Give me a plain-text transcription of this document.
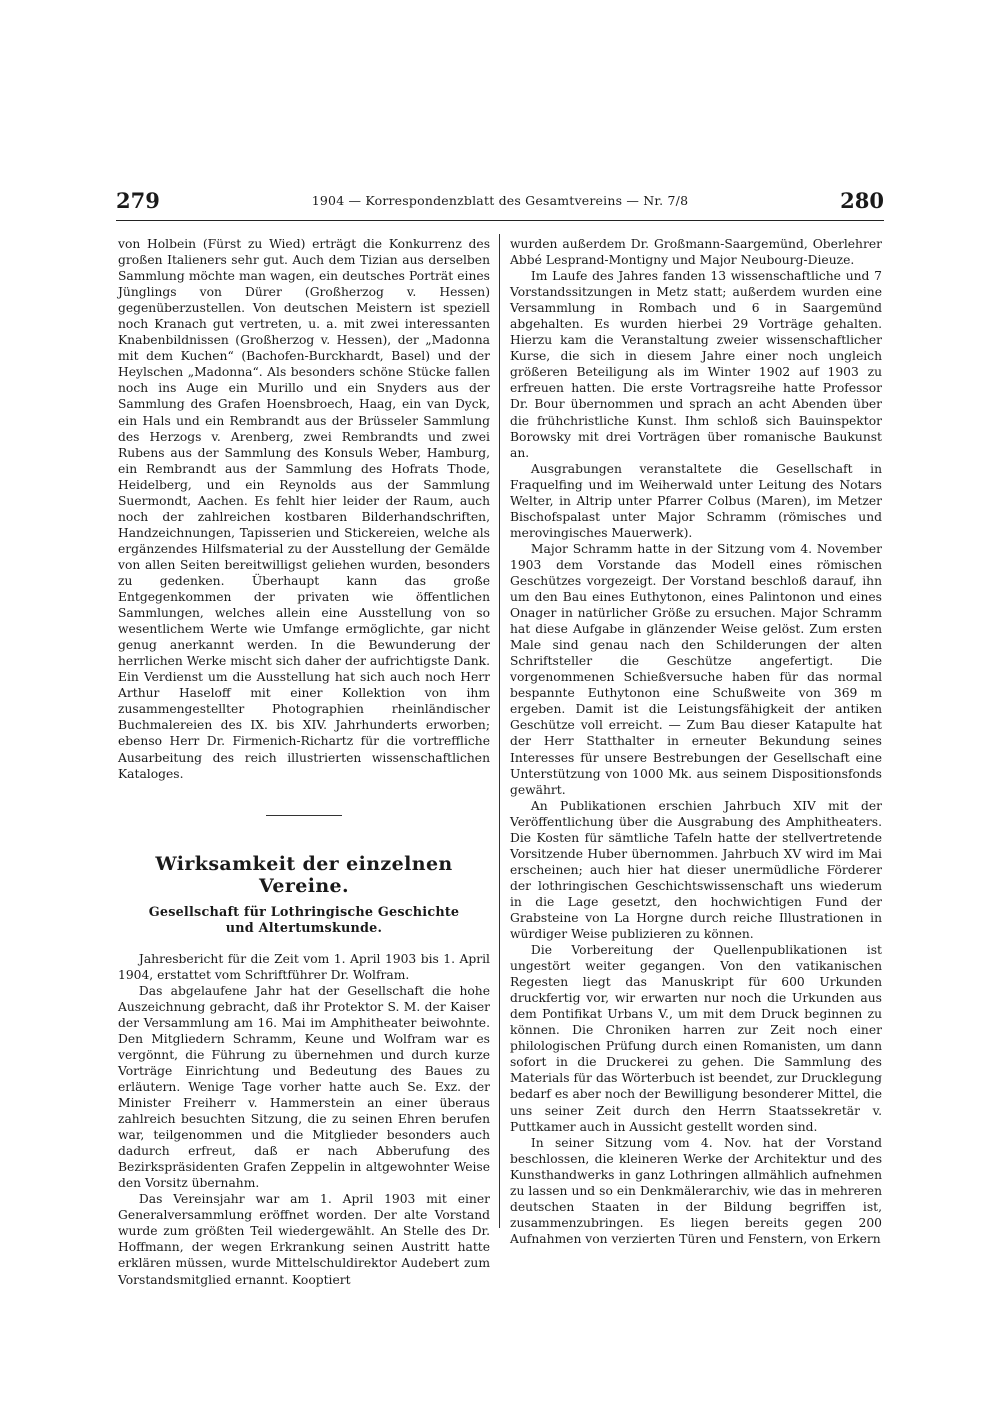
279	1904 — Korrespondenzblatt des Gesamtvereins — Nr. 7/8	280

von Holbein (Fürst zu Wied) erträgt die Konkurrenz des großen Italieners sehr gut. Auch dem Tizian aus derselben Sammlung möchte man wagen, ein deutsches Porträt eines Jünglings von Dürer (Großherzog v. Hessen) gegenüberzustellen. Von deutschen Meistern ist speziell noch Kranach gut vertreten, u. a. mit zwei interessanten Knabenbildnissen (Großherzog v. Hessen), der „Madonna mit dem Kuchen“ (Bachofen-Burckhardt, Basel) und der Heylschen „Madonna“. Als besonders schöne Stücke fallen noch ins Auge ein Murillo und ein Snyders aus der Sammlung des Grafen Hoensbroech, Haag, ein van Dyck, ein Hals und ein Rembrandt aus der Brüsseler Sammlung des Herzogs v. Arenberg, zwei Rembrandts und zwei Rubens aus der Sammlung des Konsuls Weber, Hamburg, ein Rembrandt aus der Sammlung des Hofrats Thode, Heidelberg, und ein Reynolds aus der Sammlung Suermondt, Aachen. Es fehlt hier leider der Raum, auch noch der zahlreichen kostbaren Bilderhandschriften, Handzeichnungen, Tapisserien und Stickereien, welche als ergänzendes Hilfsmaterial zu der Ausstellung der Gemälde von allen Seiten bereitwilligst geliehen wurden, besonders zu gedenken. Überhaupt kann das große Entgegenkommen der privaten wie öffentlichen Sammlungen, welches allein eine Ausstellung von so wesentlichem Werte wie Umfange ermöglichte, gar nicht genug anerkannt werden. In die Bewunderung der herrlichen Werke mischt sich daher der aufrichtigste Dank. Ein Verdienst um die Ausstellung hat sich auch noch Herr Arthur Haseloff mit einer Kollektion von ihm zusammengestellter Photographien rheinländischer Buchmalereien des IX. bis XIV. Jahrhunderts erworben; ebenso Herr Dr. Firmenich-Richartz für die vortreffliche Ausarbeitung des reich illustrierten wissenschaftlichen Kataloges.

Wirksamkeit der einzelnen Vereine.
Gesellschaft für Lothringische Geschichte
und Altertumskunde.

Jahresbericht für die Zeit vom 1. April 1903 bis 1. April 1904, erstattet vom Schriftführer Dr. Wolfram.

Das abgelaufene Jahr hat der Gesellschaft die hohe Auszeichnung gebracht, daß ihr Protektor S. M. der Kaiser der Versammlung am 16. Mai im Amphitheater beiwohnte. Den Mitgliedern Schramm, Keune und Wolfram war es vergönnt, die Führung zu übernehmen und durch kurze Vorträge Einrichtung und Bedeutung des Baues zu erläutern. Wenige Tage vorher hatte auch Se. Exz. der Minister Freiherr v. Hammerstein an einer überaus zahlreich besuchten Sitzung, die zu seinen Ehren berufen war, teilgenommen und die Mitglieder besonders auch dadurch erfreut, daß er nach Abberufung des Bezirkspräsidenten Grafen Zeppelin in altgewohnter Weise den Vorsitz übernahm.

Das Vereinsjahr war am 1. April 1903 mit einer Generalversammlung eröffnet worden. Der alte Vorstand wurde zum größten Teil wiedergewählt. An Stelle des Dr. Hoffmann, der wegen Erkrankung seinen Austritt hatte erklären müssen, wurde Mittelschuldirektor Audebert zum Vorstandsmitglied ernannt. Kooptiert

wurden außerdem Dr. Großmann-Saargemünd, Oberlehrer Abbé Lesprand-Montigny und Major Neubourg-Dieuze.

Im Laufe des Jahres fanden 13 wissenschaftliche und 7 Vorstandssitzungen in Metz statt; außerdem wurden eine Versammlung in Rombach und 6 in Saargemünd abgehalten. Es wurden hierbei 29 Vorträge gehalten. Hierzu kam die Veranstaltung zweier wissenschaftlicher Kurse, die sich in diesem Jahre einer noch ungleich größeren Beteiligung als im Winter 1902 auf 1903 zu erfreuen hatten. Die erste Vortragsreihe hatte Professor Dr. Bour übernommen und sprach an acht Abenden über die frühchristliche Kunst. Ihm schloß sich Bauinspektor Borowsky mit drei Vorträgen über romanische Baukunst an.

Ausgrabungen veranstaltete die Gesellschaft in Fraquelfing und im Weiherwald unter Leitung des Notars Welter, in Altrip unter Pfarrer Colbus (Maren), im Metzer Bischofspalast unter Major Schramm (römisches und merovingisches Mauerwerk).

Major Schramm hatte in der Sitzung vom 4. November 1903 dem Vorstande das Modell eines römischen Geschützes vorgezeigt. Der Vorstand beschloß darauf, ihn um den Bau eines Euthytonon, eines Palintonon und eines Onager in natürlicher Größe zu ersuchen. Major Schramm hat diese Aufgabe in glänzender Weise gelöst. Zum ersten Male sind genau nach den Schilderungen der alten Schriftsteller die Geschütze angefertigt. Die vorgenommenen Schießversuche haben für das normal bespannte Euthytonon eine Schußweite von 369 m ergeben. Damit ist die Leistungsfähigkeit der antiken Geschütze voll erreicht. — Zum Bau dieser Katapulte hat der Herr Statthalter in erneuter Bekundung seines Interesses für unsere Bestrebungen der Gesellschaft eine Unterstützung von 1000 Mk. aus seinem Dispositionsfonds gewährt.

An Publikationen erschien Jahrbuch XIV mit der Veröffentlichung über die Ausgrabung des Amphitheaters. Die Kosten für sämtliche Tafeln hatte der stellvertretende Vorsitzende Huber übernommen. Jahrbuch XV wird im Mai erscheinen; auch hier hat dieser unermüdliche Förderer der lothringischen Geschichtswissenschaft uns wiederum in die Lage gesetzt, den hochwichtigen Fund der Grabsteine von La Horgne durch reiche Illustrationen in würdiger Weise publizieren zu können.

Die Vorbereitung der Quellenpublikationen ist ungestört weiter gegangen. Von den vatikanischen Regesten liegt das Manuskript für 600 Urkunden druckfertig vor, wir erwarten nur noch die Urkunden aus dem Pontifikat Urbans V., um mit dem Druck beginnen zu können. Die Chroniken harren zur Zeit noch einer philologischen Prüfung durch einen Romanisten, um dann sofort in die Druckerei zu gehen. Die Sammlung des Materials für das Wörterbuch ist beendet, zur Drucklegung bedarf es aber noch der Bewilligung besonderer Mittel, die uns seiner Zeit durch den Herrn Staatssekretär v. Puttkamer auch in Aussicht gestellt worden sind.

In seiner Sitzung vom 4. Nov. hat der Vorstand beschlossen, die kleineren Werke der Architektur und des Kunsthandwerks in ganz Lothringen allmählich aufnehmen zu lassen und so ein Denkmälerarchiv, wie das in mehreren deutschen Staaten in der Bildung begriffen ist, zusammenzubringen. Es liegen bereits gegen 200 Aufnahmen von verzierten Türen und Fenstern, von Erkern
